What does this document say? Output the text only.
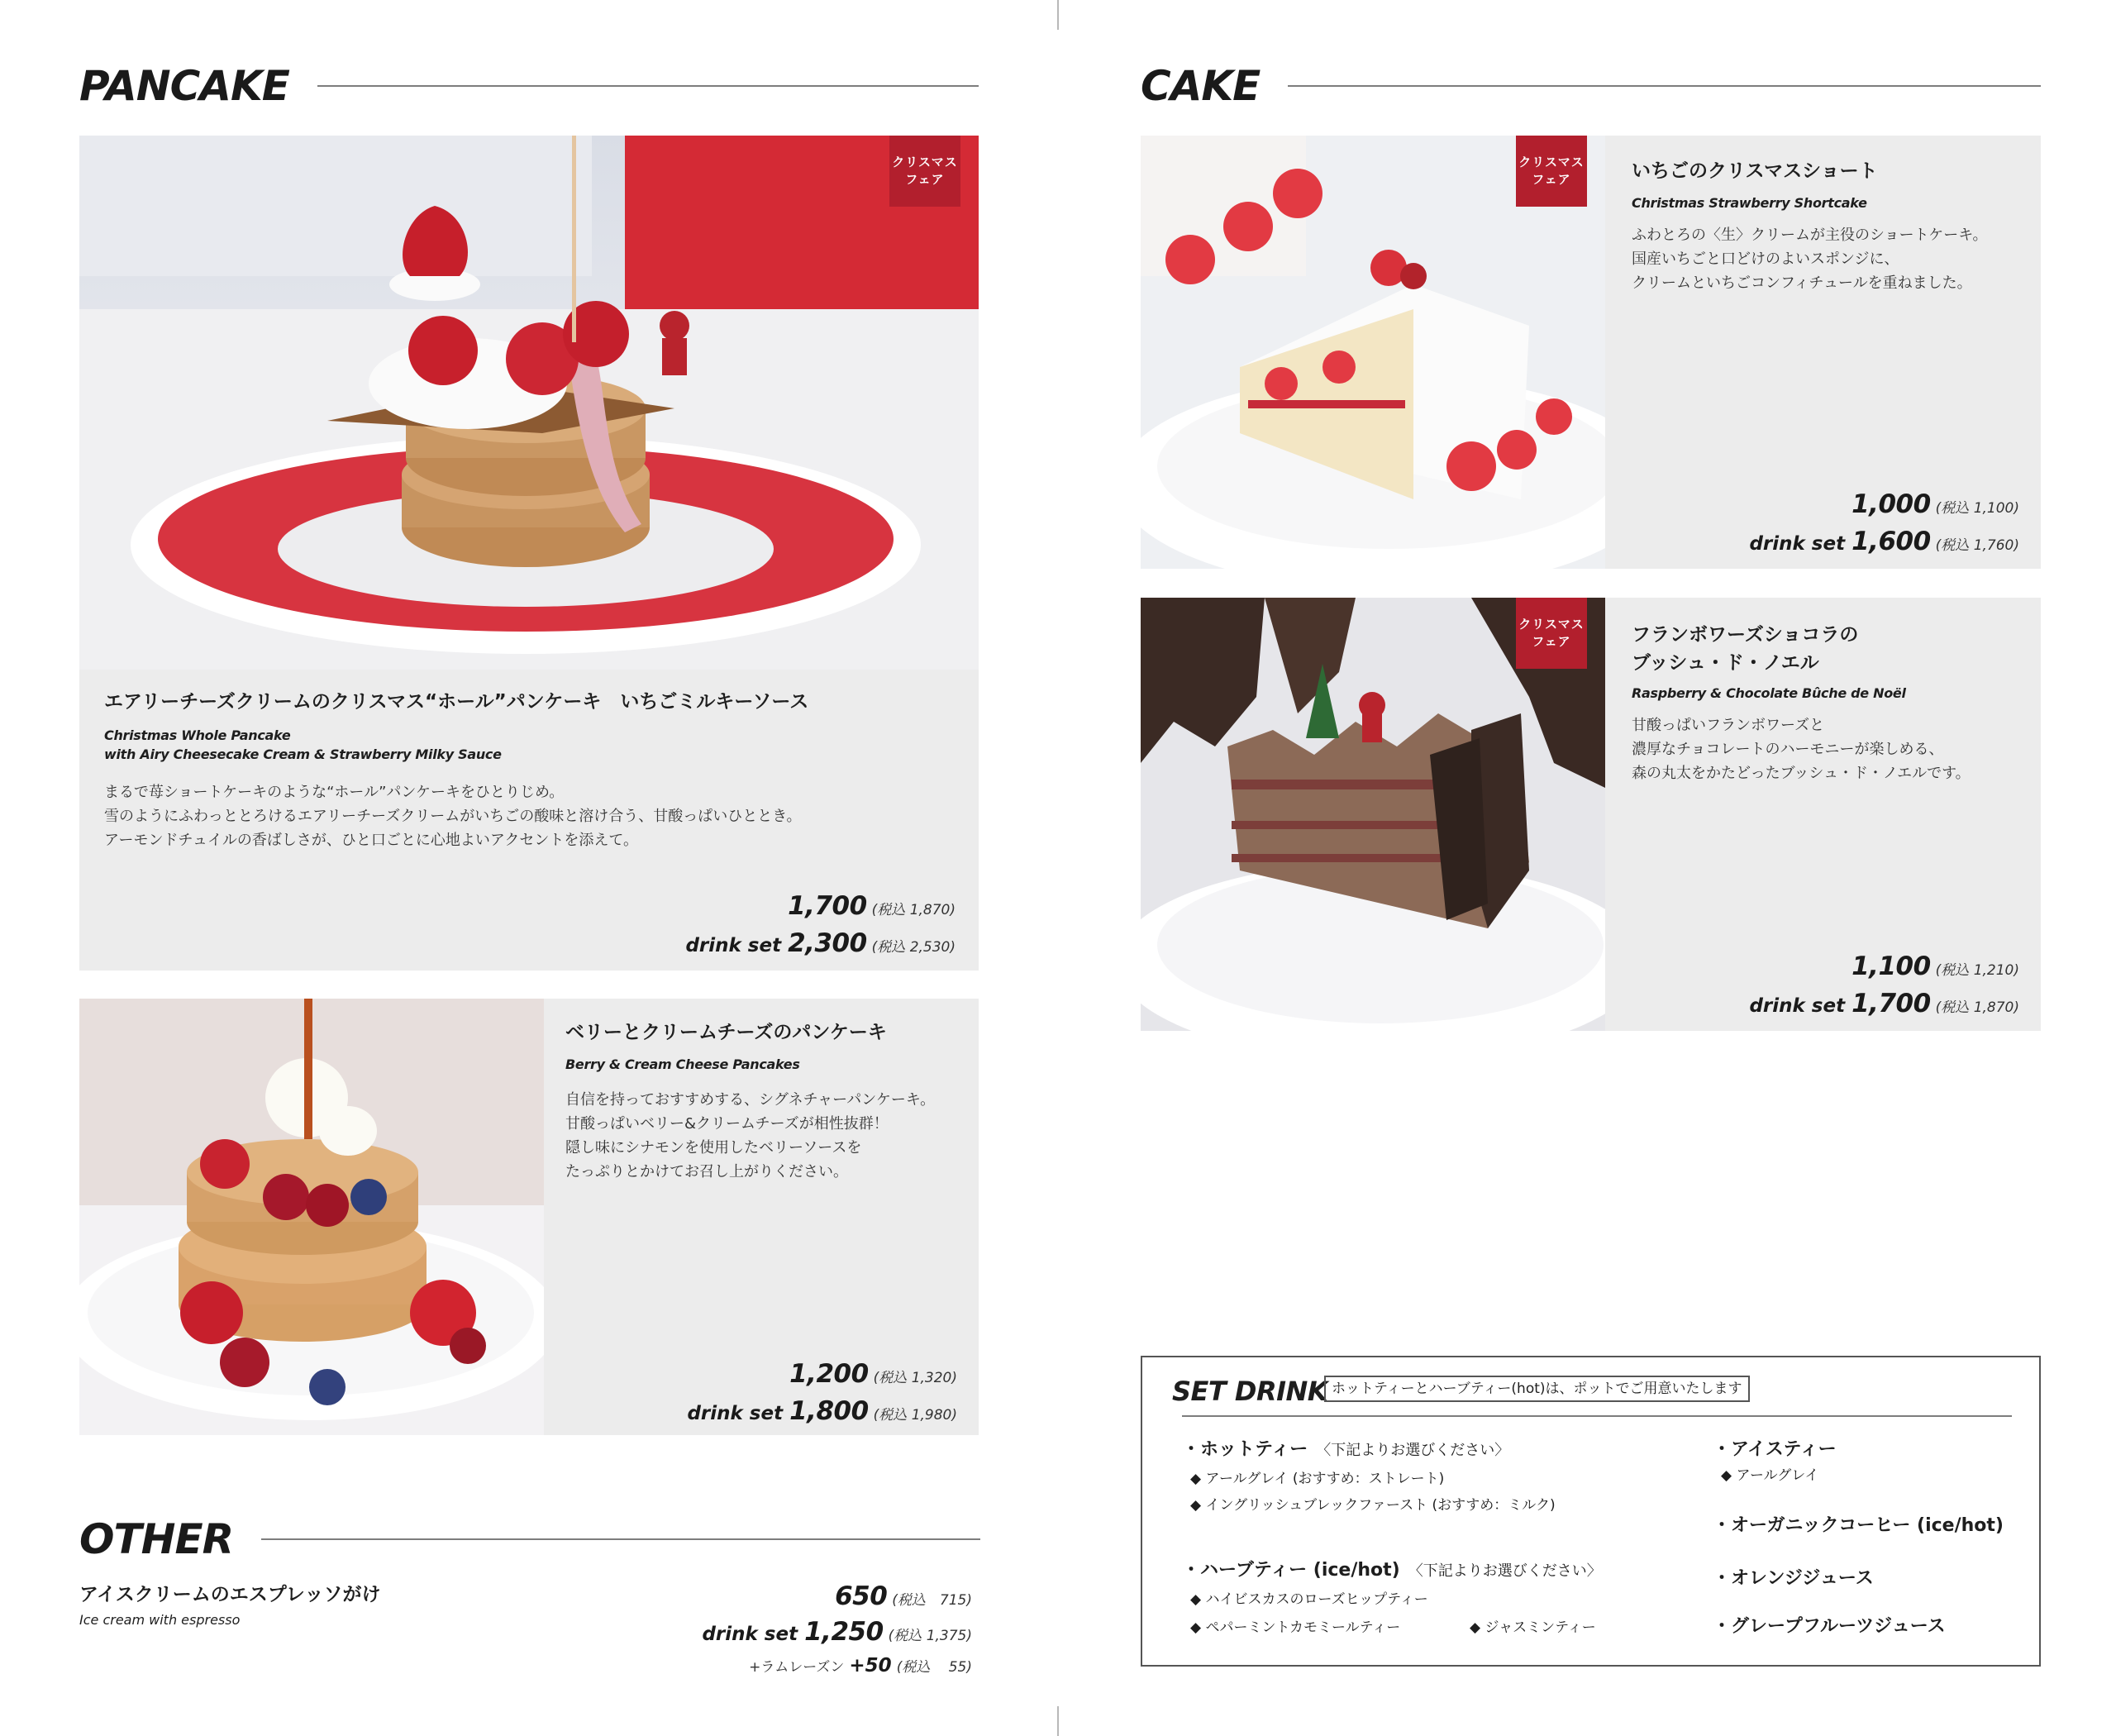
PANCAKE
クリスマス
フェア
エアリーチーズクリームのクリスマス“ホール”パンケーキ　いちごミルキーソース
Christmas Whole Pancake
with Airy Cheesecake Cream & Strawberry Milky Sauce
まるで苺ショートケーキのような“ホール”パンケーキをひとりじめ。
雪のようにふわっととろけるエアリーチーズクリームがいちごの酸味と溶け合う、甘酸っぱいひととき。
アーモンドチュイルの香ばしさが、ひと口ごとに心地よいアクセントを添えて。
1,700 (税込 1,870)
drink set 2,300 (税込 2,530)
ベリーとクリームチーズのパンケーキ
Berry & Cream Cheese Pancakes
自信を持っておすすめする、シグネチャーパンケーキ。
甘酸っぱいベリー&クリームチーズが相性抜群！
隠し味にシナモンを使用したベリーソースを
たっぷりとかけてお召し上がりください。
1,200 (税込 1,320)
drink set 1,800 (税込 1,980)
OTHER
アイスクリームのエスプレッソがけ
Ice cream with espresso
650 (税込　715)
drink set 1,250 (税込 1,375)
+ラムレーズン +50 (税込　 55)
CAKE
クリスマス
フェア	いちごのクリスマスショート
Christmas Strawberry Shortcake
ふわとろの〈生〉クリームが主役のショートケーキ。
国産いちごと口どけのよいスポンジに、
クリームといちごコンフィチュールを重ねました。
1,000 (税込 1,100)
drink set 1,600 (税込 1,760)
クリスマス
フェア	フランボワーズショコラの
ブッシュ・ド・ノエル
Raspberry & Chocolate Bûche de Noël
甘酸っぱいフランボワーズと
濃厚なチョコレートのハーモニーが楽しめる、
森の丸太をかたどったブッシュ・ド・ノエルです。
1,100 (税込 1,210)
drink set 1,700 (税込 1,870)
SET DRINK ホットティーとハーブティー(hot)は、ポットでご用意いたします
・ホットティー 〈下記よりお選びください〉
◆ アールグレイ (おすすめ：ストレート)
◆ イングリッシュブレックファースト (おすすめ：ミルク)
・ハーブティー (ice/hot) 〈下記よりお選びください〉
◆ ハイビスカスのローズヒップティー
◆ ペパーミントカモミールティー	◆ ジャスミンティー
・アイスティー
◆ アールグレイ
・オーガニックコーヒー (ice/hot)
・オレンジジュース
・グレープフルーツジュース
